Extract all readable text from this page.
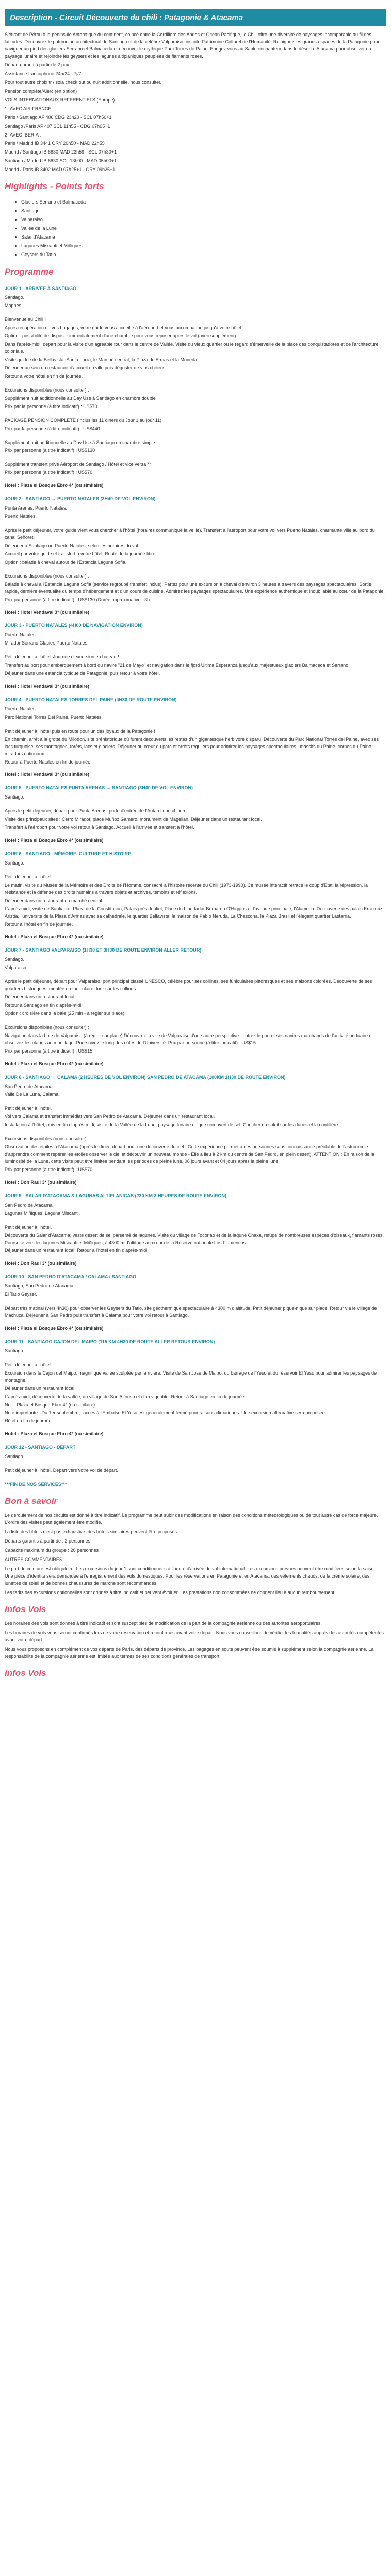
Description - Circuit Découverte du chili : Patagonie & Atacama

S'étirant de Pérou à la péninsule Antarctique du continent, coincé entre la Cordillère des Andes et Océan Pacifique, le Chili offre une diversité de paysages incomparable au fil des latitudes. Découvrez le patrimoine architectural de Santiago et de la célèbre Valparaiso, inscrite Patrimoine Culturel de l'Humanité. Rejoignez les grands espaces de la Patagonie pour naviguer au pied des glaciers Serrano et Balmaceda et découvrir le mythique Parc Torres de Paine. Enrigez vous au Sable enchanteur dans le désert d'Atacama pour observer un paysage lunaire et rejoindre les geysers et les lagunes altiplaniques peuplées de flamants roses.

Départ garanti à partir de 2 pax.

Assistance francophone 24h/24 - 7j/7.

Pour tout autre choix tr / sola check out ou nuit additionnelle, nous consulter.

Pension complète/Alerc (en option)

VOLS INTERNATIONAUX REFERENTIELS (Europe) :

1- AVEC AIR FRANCE :

Paris / Santiago AF 406 CDG 23h20 - SCL 07h50+1

Santiago /Paris AF 407 SCL 11h55 - CDG 07h05+1

2- AVEC IBERIA :

Paris / Madrid IB 3441 ORY 20h50 - MAD 22h55

Madrid / Santiago IB 6830 MAD 23h59 - SCL 07h30+1

Santiago / Madrid IB 6830 SCL 13h00 - MAD 05h00+1

Madrid / Paris IB 3402 MAD 07h25+1 - ORY 09h25+1

Highlights - Points forts
• Glaciers Serrano et Balmaceda
• Santiago
• Valparaiso
• Vallée de la Lune
• Salar d'Atacama
• Lagunes Miscanti et Miñiques
• Geysers du Tatio
Programme
JOUR 1 - ARRIVÉE À SANTIAGO

Santiago.

Mappes.

Bienvenue au Chili !

Après récupération de vos bagages, votre guide vous accueille à l'aéroport et vous accompagne jusqu'à votre hôtel.

Option : possibilité de disposer immédiatement d'une chambre pour vous reposer après le vol (avec supplément).

Dans l'après-midi, départ pour la visite d'un agréable tour dans le centre de Vallée. Visite du vieux quartier où le regard s'émerveille de la place des conquistadores et de l'architecture coloniale.

Visite guidée de la Bellavista, Santa Lucia, le Marché central, la Plaza de Armas et la Moneda.

Déjeuner au sein du restaurant d'accueil en ville puis déguster de vins chiliens.

Retour à votre hôtel en fin de journée.

Excursions disponibles (nous consulter) :

Supplément nuit additionnelle au Day Use à Santiago en chambre double

Prix par la personne (à titre indicatif) : US$70

PACKAGE PENSION COMPLETE (inclus les 11 diners du Jour 1 au jour 11)

Prix par la personne (à titre indicatif) : US$440

Supplément nuit additionnelle au Day Use à Santiago en chambre simple

Prix par personne (à titre indicatif) : US$130

Supplément transfert privé Aéroport de Santiago / Hôtel et vice versa **

Prix par personne (à titre indicatif) : US$70

Hotel : Plaza el Bosque Ebro 4* (ou similaire)

JOUR 2 - SANTIAGO → PUERTO NATALES (3H40 DE VOL ENVIRON)

Punta Arenas, Puerto Natales.

Puerto Natales.

Après le petit déjeuner, votre guide vient vous chercher à l'hôtel (horaires communiqué la veille). Transfert à l'aéroport pour votre vol vers Puerto Natales, charmante ville au bord du canal Señoret.

Déjeuner à Santiago ou Puerto Natales, selon les horaires du vol.

Accueil par votre guide et transfert à votre hôtel. Route de la journée libre.

Option : balade à cheval autour de l'Estancia Laguna Sofia.

Excursions disponibles (nous consulter) :

Balade à cheval à l'Estancia Laguna Sofia (service regroupé transfert inclus). Partez pour une excursion à cheval d'environ 3 heures à travers des paysages spectaculaires. Sortie rapide, dernière éventualité du temps d'hébergement et d'un cours de cuisine. Admirez les paysages spectaculaires. Une expérience authentique et inoubliable au cœur de la Patagonie.

Prix par personne (à titre indicatif) : US$130 (Durée approximative : 3h

Hotel : Hotel Vendaval 3* (ou similaire)

JOUR 3 - PUERTO NATALES (4H00 DE NAVIGATION ENVIRON)

Puerto Natales.

Mirador Serrano Glacier, Puerto Natales.

Petit déjeuner à l'hôtel. Journée d'excursion en bateau !

Transfert au port pour embarquement à bord du navire "21 de Mayo" et navigation dans le fjord Ultima Esperanza jusqu'aux majestueux glaciers Balmaceda et Serrano.

Déjeuner dans une estancia typique de Patagonie, puis retour à votre hôtel.

Hotel : Hotel Vendaval 3* (ou similaire)

JOUR 4 - PUERTO NATALES TORRES DEL PAINE (4H30 DE ROUTE ENVIRON)

Puerto Natales.

Parc National Torres Del Paine, Puerto Natales.

Petit déjeuner à l'hôtel puis en route pour un des joyaux de la Patagonie !

En chemin, arrêt à la grotte du Milodon, site préhistorique où furent découverts les restes d'un gigantesque herbivore disparu. Découverte du Parc National Torres del Paine, avec ses lacs turquoise, ses montagnes, forêts, lacs et glaciers. Déjeuner au cœur du parc et arrêts réguliers pour admirer les paysages spectaculaires : massifs du Paine, cornes du Paine, miradors nationaux.

Retour à Puerto Natales en fin de journée.

Hotel : Hotel Vendaval 3* (ou similaire)

JOUR 5 - PUERTO NATALES PUNTA ARENAS → SANTIAGO (3H40 DE VOL ENVIRON)

Santiago.

Après le petit déjeuner, départ pour Punta Arenas, porte d'entrée de l'Antarctique chilien.

Visite des principaux sites : Cerro Mirador, place Muñoz Gamero, monument de Magellan. Déjeuner dans un restaurant local.

Transfert à l'aéroport pour votre vol retour à Santiago. Accueil à l'arrivée et transfert à l'hôtel.

Hotel : Plaza el Bosque Ebro 4* (ou similaire)

JOUR 6 - SANTIAGO : MÉMOIRE, CULTURE ET HISTOIRE

Santiago.

Petit déjeuner à l'hôtel.

Le matin, visite du Musée de la Mémoire et des Droits de l'Homme, consacré à l'histoire récente du Chili (1973-1990). Ce musée interactif retrace le coup d'État, la répression, la résistance et la défense des droits humains à travers objets et archives, témoins et réflexions.

Déjeuner dans un restaurant du marché central.

L'après-midi, visite de Santiago : Plaza de la Constitution, Palais présidentiel, Place du Libertador Bernardo O'Higgins et l'avenue principale, l'Alameda. Découverte des palais Errázuriz, Ariztía, l'université de la Plaza d'Armas avec sa cathédrale, le quartier Bellavista, la maison de Pablo Neruda, La Chascona, la Plaza Brasil et l'élégant quartier Lastarria.

Retour à l'hôtel en fin de journée.

Hotel : Plaza el Bosque Ebro 4* (ou similaire)

JOUR 7 - SANTIAGO VALPARAISO (1H30 ET 3H30 DE ROUTE ENVIRON ALLER RETOUR)

Santiago.

Valparaiso.

Après le petit déjeuner, départ pour Valparaiso, port principal classé UNESCO, célèbre pour ses collines, ses funiculaires pittoresques et ses maisons colorées. Découverte de ses quartiers historiques, montée en funiculaire, tour sur les collines.

Déjeuner dans un restaurant local.

Retour à Santiago en fin d'après-midi.

Option : croisière dans la baie (25 min - à régler sur place).

Excursions disponibles (nous consulter) :

Navigation dans la baie de Valparaiso (à régler sur place) Découvrez la ville de Valparaiso d'une autre perspective : entrez le port et ses navires marchands de l'activité portuaire et observez les otaries au mouillage. Poursuivez le long des côtes de l'Université. Prix par personne (à titre indicatif) : US$15

Prix par personne (à titre indicatif) : US$15

Hotel : Plaza el Bosque Ebro 4* (ou similaire)

JOUR 8 - SANTIAGO → CALAMA (2 HEURES DE VOL ENVIRON) SAN PEDRO DE ATACAMA (100KM 1H30 DE ROUTE ENVIRON)

San Pedro de Atacama.

Valle De La Luna, Calama.

Petit déjeuner à l'hôtel.

Vol vers Calama et transfert immédiat vers San Pedro de Atacama. Déjeuner dans un restaurant local.

Installation à l'hôtel, puis en fin d'après-midi, visite de la Vallée de la Lune, paysage lunaire unique recouvert de sel. Coucher du soleil sur les dunes et la cordillère.

Excursions disponibles (nous consulter) :

Observation des étoiles à l'Atacama (après le dîner, départ pour une découverte du ciel : Cette expérience permet à des personnes sans connaissance préalable de l'astronomie d'apprendre comment repérer les étoiles observer le ciel et découvrir un nouveau monde - Elle a lieu à 2 km du centre de San Pedro, en plein désert). ATTENTION : En raison de la luminosité de la Lune, cette visite peut être limitée pendant les périodes de pleine lune. 06 jours avant et 04 jours après la pleine lune.

Prix par personne (à titre indicatif) : US$70

Hotel : Don Raul 3* (ou similaire)

JOUR 9 - SALAR D'ATACAMA & LAGUNAS ALTIPLANICAS (230 KM 3 HEURES DE ROUTE ENVIRON)

San Pedro de Atacama.

Lagunas Miñiques, Laguna Miscanti.

Petit déjeuner à l'hôtel.

Découverte du Salar d'Atacama, vaste désert de sel parsemé de lagunes. Visite du village de Toconao et de la lagune Chaxa, refuge de nombreuses espèces d'oiseaux, flamants roses. Poursuite vers les lagunes Miscanti et Miñiques, à 4300 m d'altitude au cœur de la Réserve nationale Los Flamencos.

Déjeuner dans un restaurant local. Retour à l'hôtel en fin d'après-midi.

Hotel : Don Raul 3* (ou similaire)

JOUR 10 - SAN PEDRO D'ATACAMA / CALAMA / SANTIAGO

Santiago, San Pedro de Atacama.

El Tatio Geyser.

Départ très matinal (vers 4h30) pour observer les Geysers du Tatio, site géothermique spectaculaire à 4300 m d'altitude. Petit déjeuner pique-nique sur place. Retour via le village de Machuca. Déjeuner à San Pedro puis transfert à Calama pour votre vol retour à Santiago.

Hotel : Plaza el Bosque Ebro 4* (ou similaire)

JOUR 11 - SANTIAGO CAJON DEL MAIPO (115 KM 4H30 DE ROUTE ALLER RETOUR ENVIRON)

Santiago.

Petit déjeuner à l'hôtel.

Excursion dans le Cajón del Maipo, magnifique vallée sculptée par la rivière. Visite de San José de Maipo, du barrage de l'Yeso et du réservoir El Yeso pour admirer les paysages de montagne.

Déjeuner dans un restaurant local.

L'après-midi, découverte de la vallée, du village de San Alfonso et d'un vignoble. Retour à Santiago en fin de journée.

Nuit : Plaza el Bosque Ebro 4* (ou similaire).

Note importante : Du 1er septembre, l'accès à l'Embalse El Yeso est généralement fermé pour raisons climatiques. Une excursion alternative sera proposée.

Hôtel en fin de journée.

Hotel : Plaza el Bosque Ebro 4* (ou similaire)

JOUR 12 - SANTIAGO - DÉPART

Santiago.

Petit déjeuner à l'hôtel. Départ vers votre vol de départ.

***FIN DE NOS SERVICES***

Bon à savoir

Le déroulement de nos circuits est donné à titre indicatif. Le programme peut subir des modifications en raison des conditions météorologiques ou de tout autre cas de force majeure. L'ordre des visites peut également être modifié.

La liste des hôtels n'est pas exhaustive, des hôtels similaires peuvent être proposés.

Départs garantis à partir de : 2 personnes

Capacité maximum du groupe : 20 personnes

AUTRES COMMENTAIRES :

Le port de ceinture est obligatoire. Les excursions du jour 1 sont conditionnées à l'heure d'arrivée du vol international. Les excursions prévues peuvent être modifiées selon la saison. Une pièce d'identité sera demandée à l'enregistrement des vols domestiques. Pour les réservations en Patagonie et en Atacama, des vêtements chauds, de la crème solaire, des lunettes de soleil et de bonnes chaussures de marche sont recommandés.

Les tarifs des excursions optionnelles sont donnés à titre indicatif et peuvent évoluer. Les prestations non consommées ne donnent lieu à aucun remboursement.

Infos Vols

Les horaires des vols sont donnés à titre indicatif et sont susceptibles de modification de la part de la compagnie aérienne ou des autorités aéroportuaires.

Les horaires de vols vous seront confirmés lors de votre réservation et reconfirmés avant votre départ. Nous vous conseillons de vérifier les formalités auprès des autorités compétentes avant votre départ.

Nous vous proposons en complément de vos départs de Paris, des départs de province. Les bagages en soute peuvent être soumis à supplément selon la compagnie aérienne. La responsabilité de la compagnie aérienne est limitée aux termes de ses conditions générales de transport.

Infos Vols
